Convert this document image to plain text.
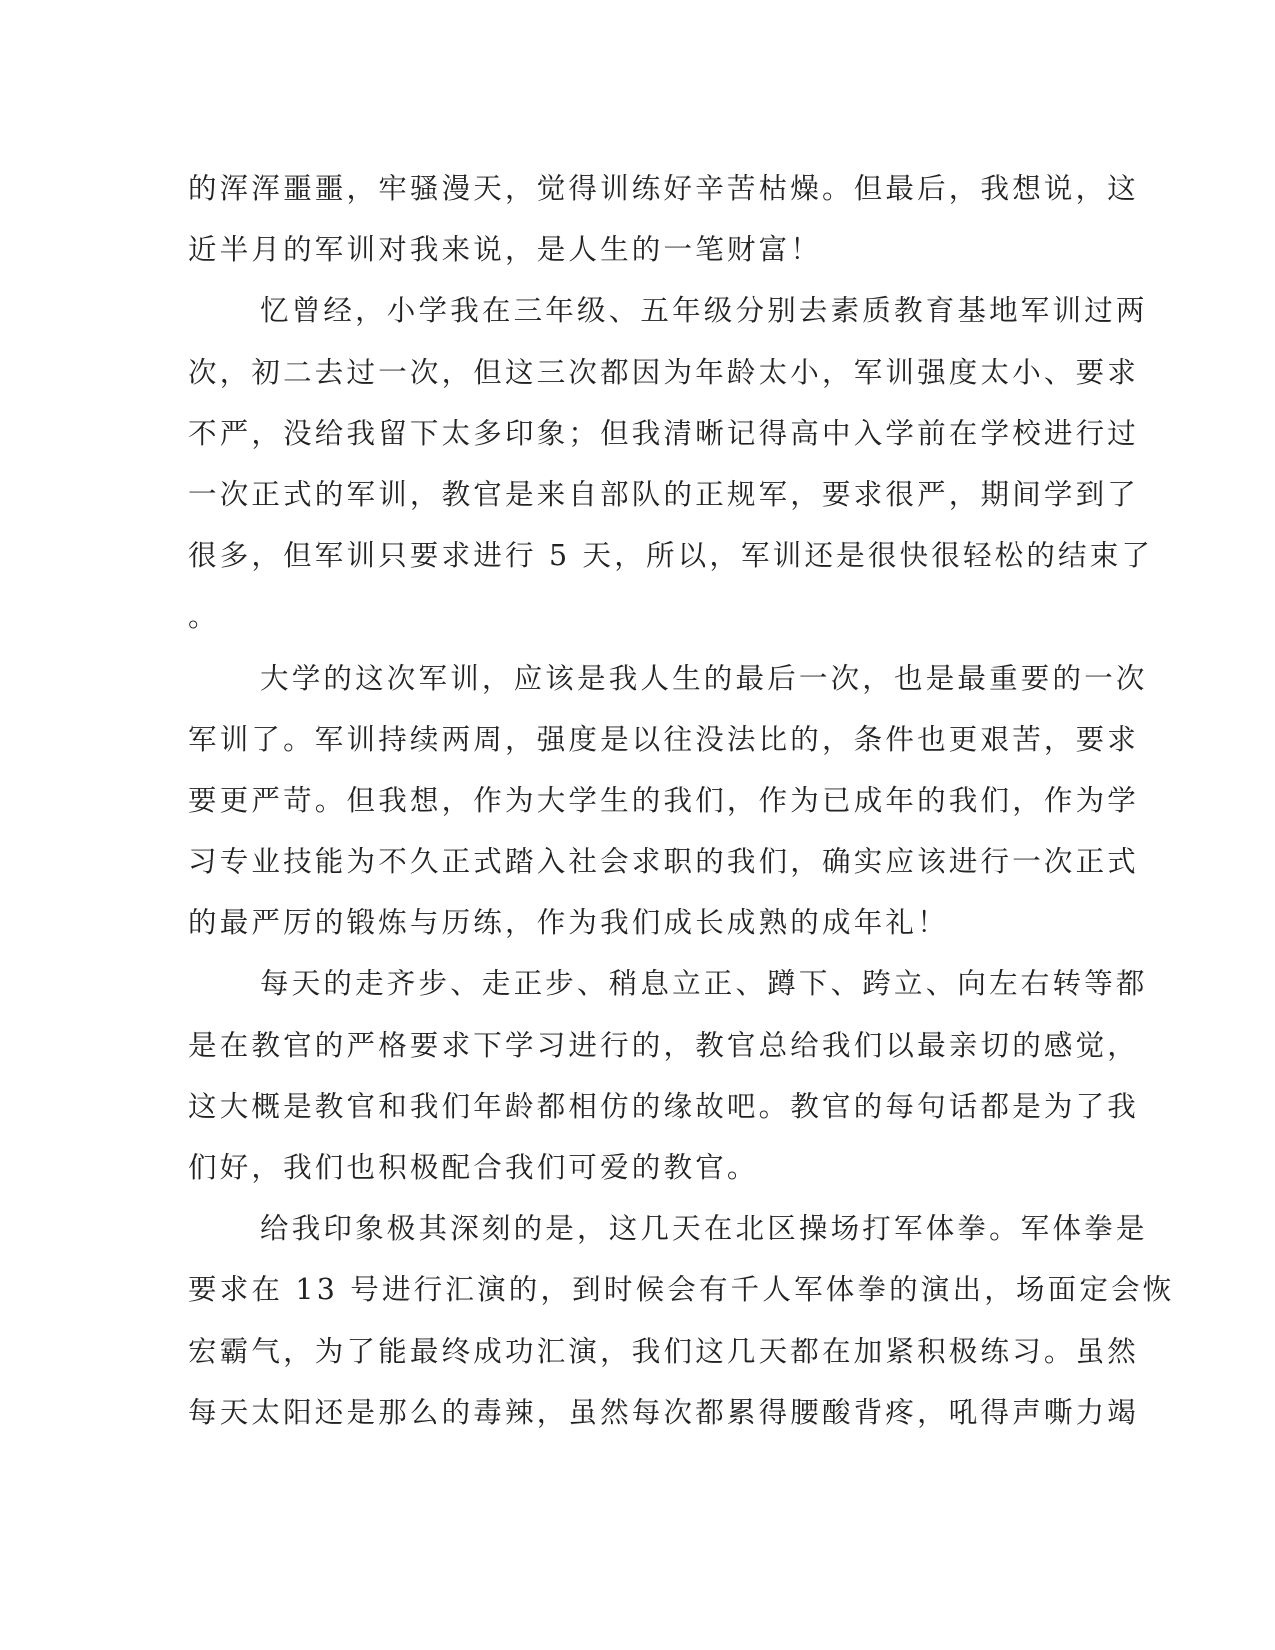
的浑浑噩噩，牢骚漫天，觉得训练好辛苦枯燥。但最后，我想说，这
近半月的军训对我来说，是人生的一笔财富！
忆曾经，小学我在三年级、五年级分别去素质教育基地军训过两
次，初二去过一次，但这三次都因为年龄太小，军训强度太小、要求
不严，没给我留下太多印象；但我清晰记得高中入学前在学校进行过
一次正式的军训，教官是来自部队的正规军，要求很严，期间学到了
很多，但军训只要求进行 5 天，所以，军训还是很快很轻松的结束了
。
大学的这次军训，应该是我人生的最后一次，也是最重要的一次
军训了。军训持续两周，强度是以往没法比的，条件也更艰苦，要求
要更严苛。但我想，作为大学生的我们，作为已成年的我们，作为学
习专业技能为不久正式踏入社会求职的我们，确实应该进行一次正式
的最严厉的锻炼与历练，作为我们成长成熟的成年礼！
每天的走齐步、走正步、稍息立正、蹲下、跨立、向左右转等都
是在教官的严格要求下学习进行的，教官总给我们以最亲切的感觉，
这大概是教官和我们年龄都相仿的缘故吧。教官的每句话都是为了我
们好，我们也积极配合我们可爱的教官。
给我印象极其深刻的是，这几天在北区操场打军体拳。军体拳是
要求在 13 号进行汇演的，到时候会有千人军体拳的演出，场面定会恢
宏霸气，为了能最终成功汇演，我们这几天都在加紧积极练习。虽然
每天太阳还是那么的毒辣，虽然每次都累得腰酸背疼，吼得声嘶力竭
